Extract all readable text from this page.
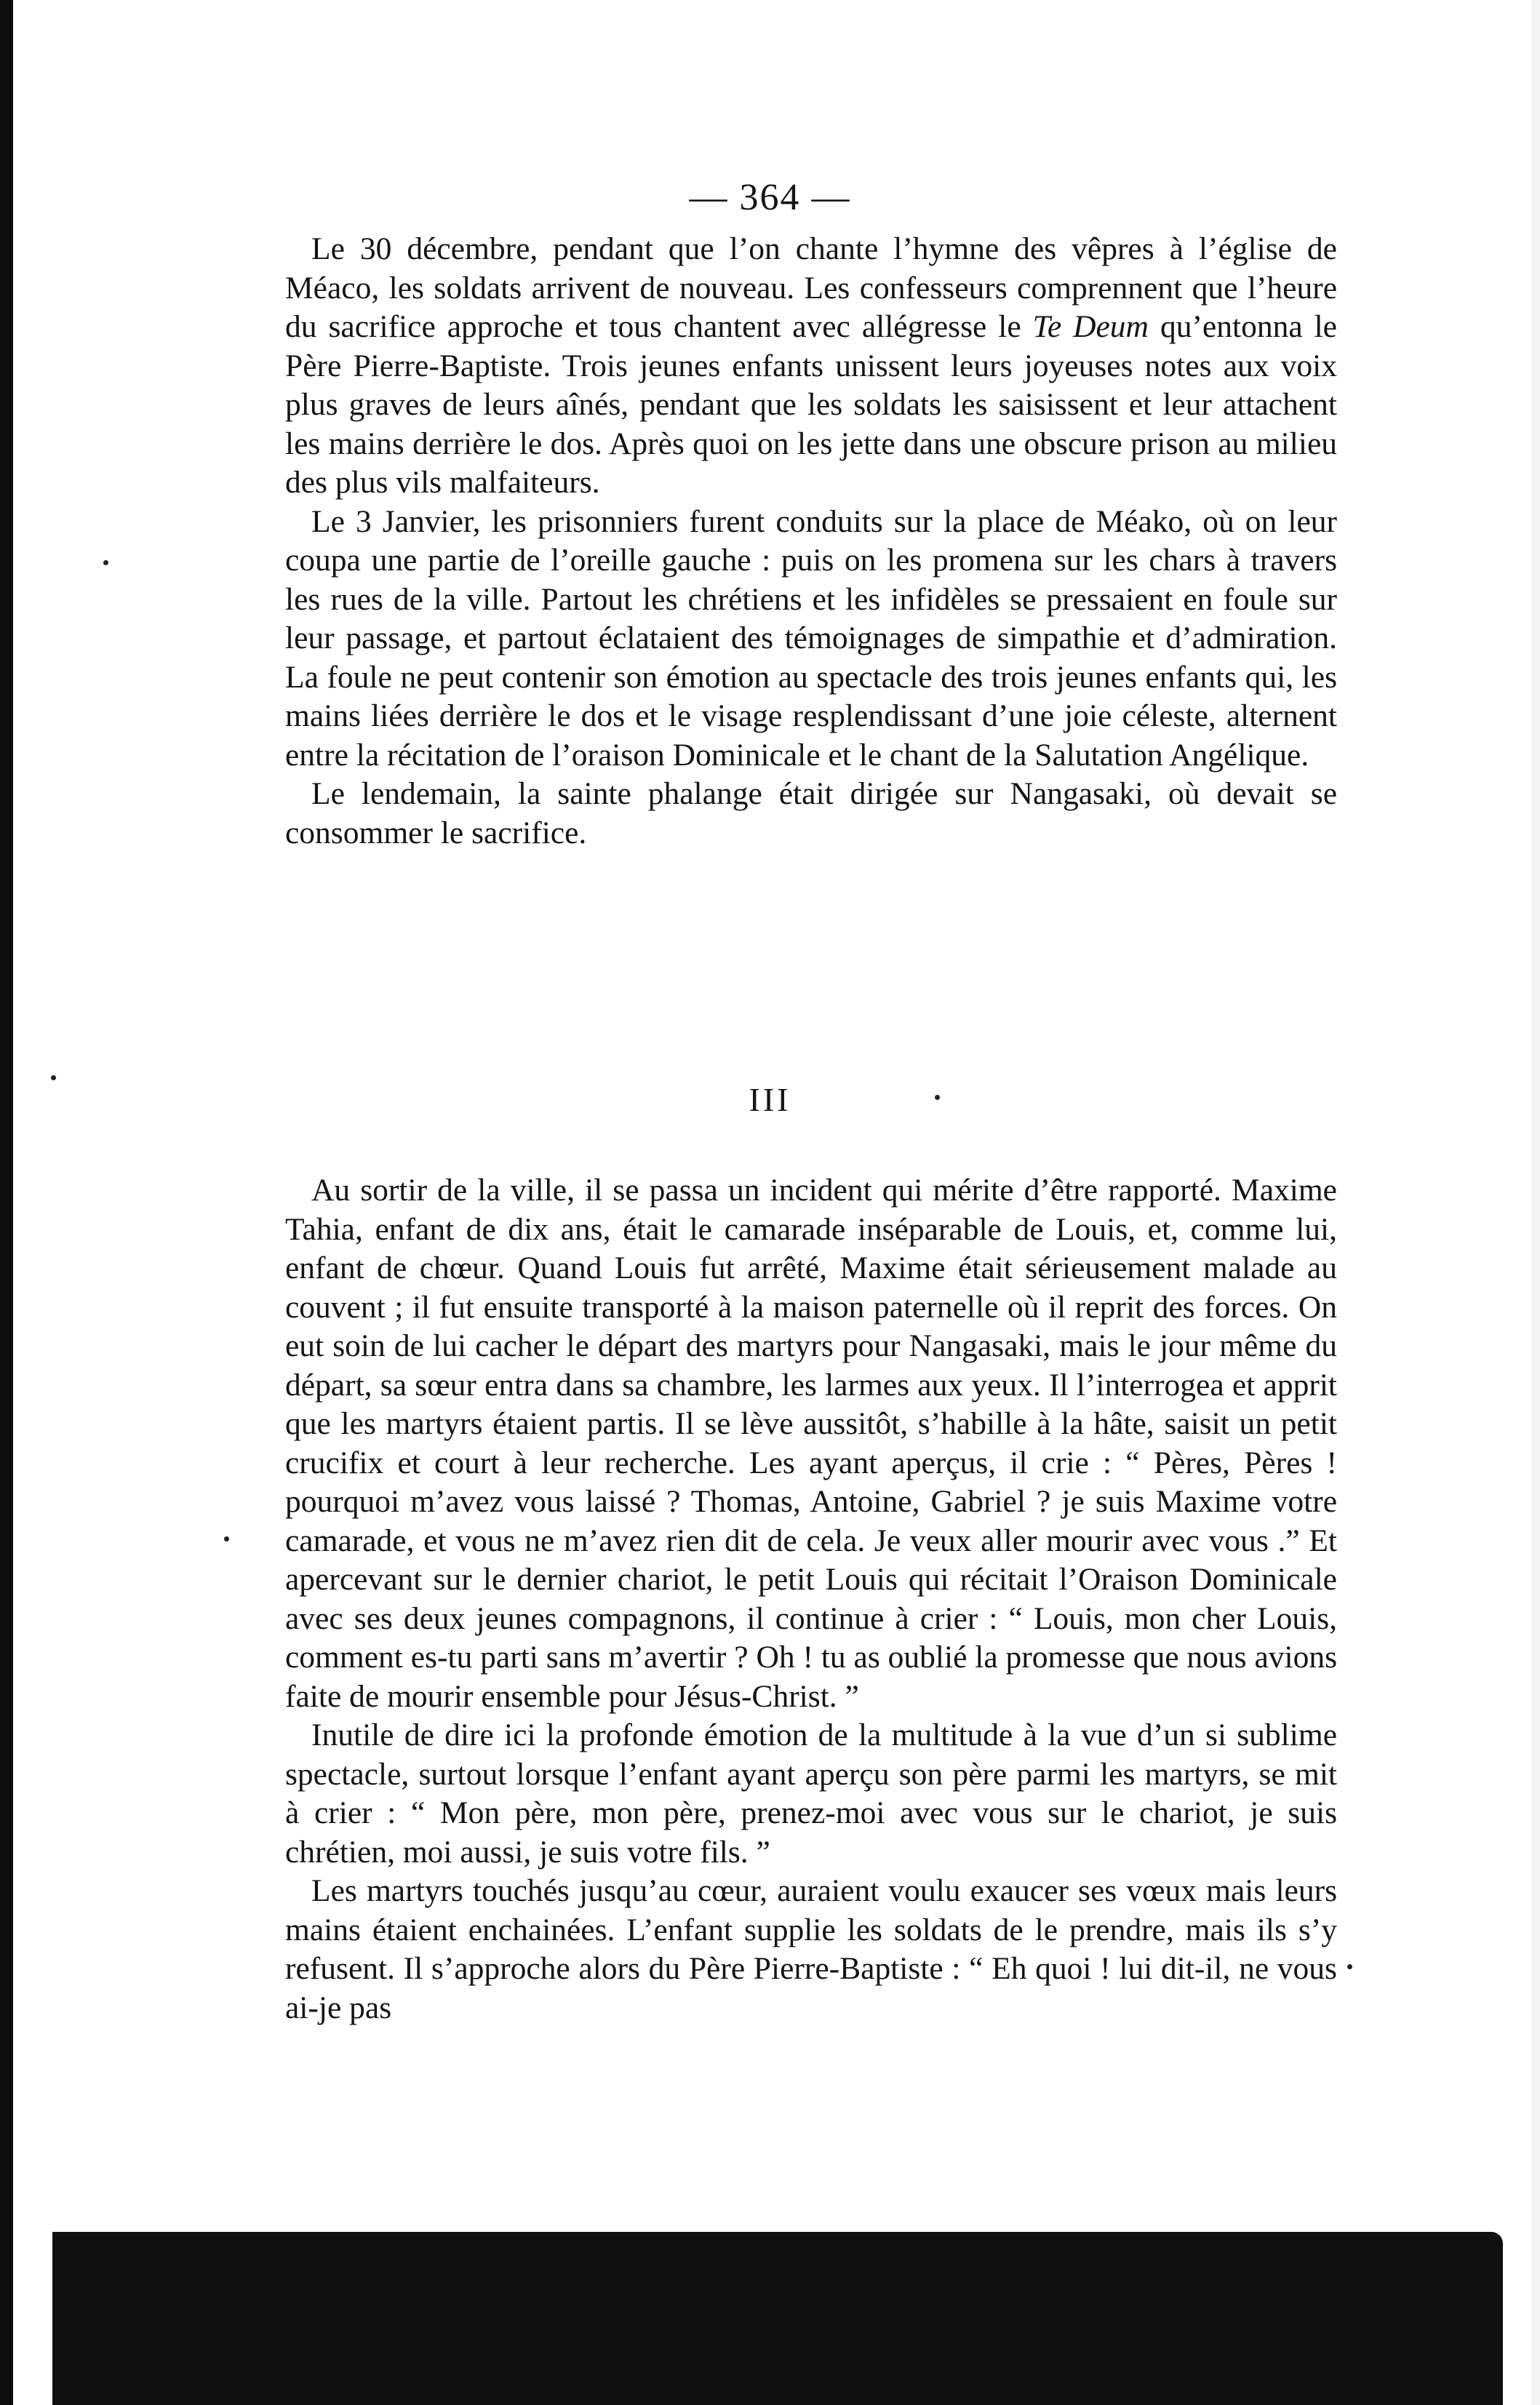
— 364 —

Le 30 décembre, pendant que l’on chante l’hymne des vêpres à l’église de Méaco, les soldats arrivent de nouveau. Les confesseurs comprennent que l’heure du sacrifice approche et tous chantent avec allégresse le Te Deum qu’entonna le Père Pierre-Baptiste. Trois jeunes enfants unissent leurs joyeuses notes aux voix plus graves de leurs aînés, pendant que les soldats les saisissent et leur attachent les mains derrière le dos. Après quoi on les jette dans une obscure prison au milieu des plus vils malfaiteurs.

Le 3 Janvier, les prisonniers furent conduits sur la place de Méako, où on leur coupa une partie de l’oreille gauche : puis on les promena sur les chars à travers les rues de la ville. Partout les chrétiens et les infidèles se pressaient en foule sur leur passage, et partout éclataient des témoignages de simpathie et d’admiration. La foule ne peut contenir son émotion au spectacle des trois jeunes enfants qui, les mains liées derrière le dos et le visage resplendissant d’une joie céleste, alternent entre la récitation de l’oraison Dominicale et le chant de la Salutation Angélique.

Le lendemain, la sainte phalange était dirigée sur Nangasaki, où devait se consommer le sacrifice.

III

Au sortir de la ville, il se passa un incident qui mérite d’être rapporté. Maxime Tahia, enfant de dix ans, était le camarade inséparable de Louis, et, comme lui, enfant de chœur. Quand Louis fut arrêté, Maxime était sérieusement malade au couvent ; il fut ensuite transporté à la maison paternelle où il reprit des forces. On eut soin de lui cacher le départ des martyrs pour Nangasaki, mais le jour même du départ, sa sœur entra dans sa chambre, les larmes aux yeux. Il l’interrogea et apprit que les martyrs étaient partis. Il se lève aussitôt, s’habille à la hâte, saisit un petit crucifix et court à leur recherche. Les ayant aperçus, il crie : “ Pères, Pères ! pourquoi m’avez vous laissé ? Thomas, Antoine, Gabriel ? je suis Maxime votre camarade, et vous ne m’avez rien dit de cela. Je veux aller mourir avec vous .” Et apercevant sur le dernier chariot, le petit Louis qui récitait l’Oraison Dominicale avec ses deux jeunes compagnons, il continue à crier : “ Louis, mon cher Louis, comment es-tu parti sans m’avertir ? Oh ! tu as oublié la promesse que nous avions faite de mourir ensemble pour Jésus-Christ. ”

Inutile de dire ici la profonde émotion de la multitude à la vue d’un si sublime spectacle, surtout lorsque l’enfant ayant aperçu son père parmi les martyrs, se mit à crier : “ Mon père, mon père, prenez-moi avec vous sur le chariot, je suis chrétien, moi aussi, je suis votre fils. ”

Les martyrs touchés jusqu’au cœur, auraient voulu exaucer ses vœux mais leurs mains étaient enchainées. L’enfant supplie les soldats de le prendre, mais ils s’y refusent. Il s’approche alors du Père Pierre-Baptiste : “ Eh quoi ! lui dit-il, ne vous ai-je pas
